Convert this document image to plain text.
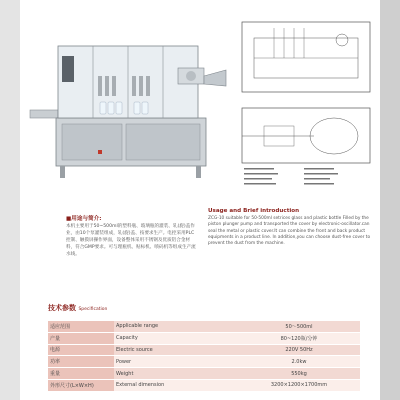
■用途与简介:
本机主要用于50~500ml的塑料瓶、玻璃瓶的灌装、轧(旋)盖作业，由10个泵灌装组成，轧(旋)盖、按要求生产。电控采用PLC控制、触摸屏操作界面，设备整体采用不锈钢及优质铝合金材料，符合GMP要求。可与理瓶机、贴标机、喷码机等组成生产流水线。
Usage and Brief introduction
ZCG-10 suitable for 50-500ml setrices glass and plastic bottle Filled by the piston plunger pump and transported the cover by electronic-oscillator.can seal the metal or plastic cover.It can combine the front and back product equipments in a product line. In addition,you can choose dust-free cover to prevent the dust from the machine.
技术参数 Specification
适应范围	Applicable range	50～500ml
产量	Capacity	80~120瓶/分钟
电源	Electric source	220V 50Hz
功率	Power	2.0kw
重量	Weight	550kg
外形尺寸(L×W×H)	External dimension	3200×1200×1700mm
